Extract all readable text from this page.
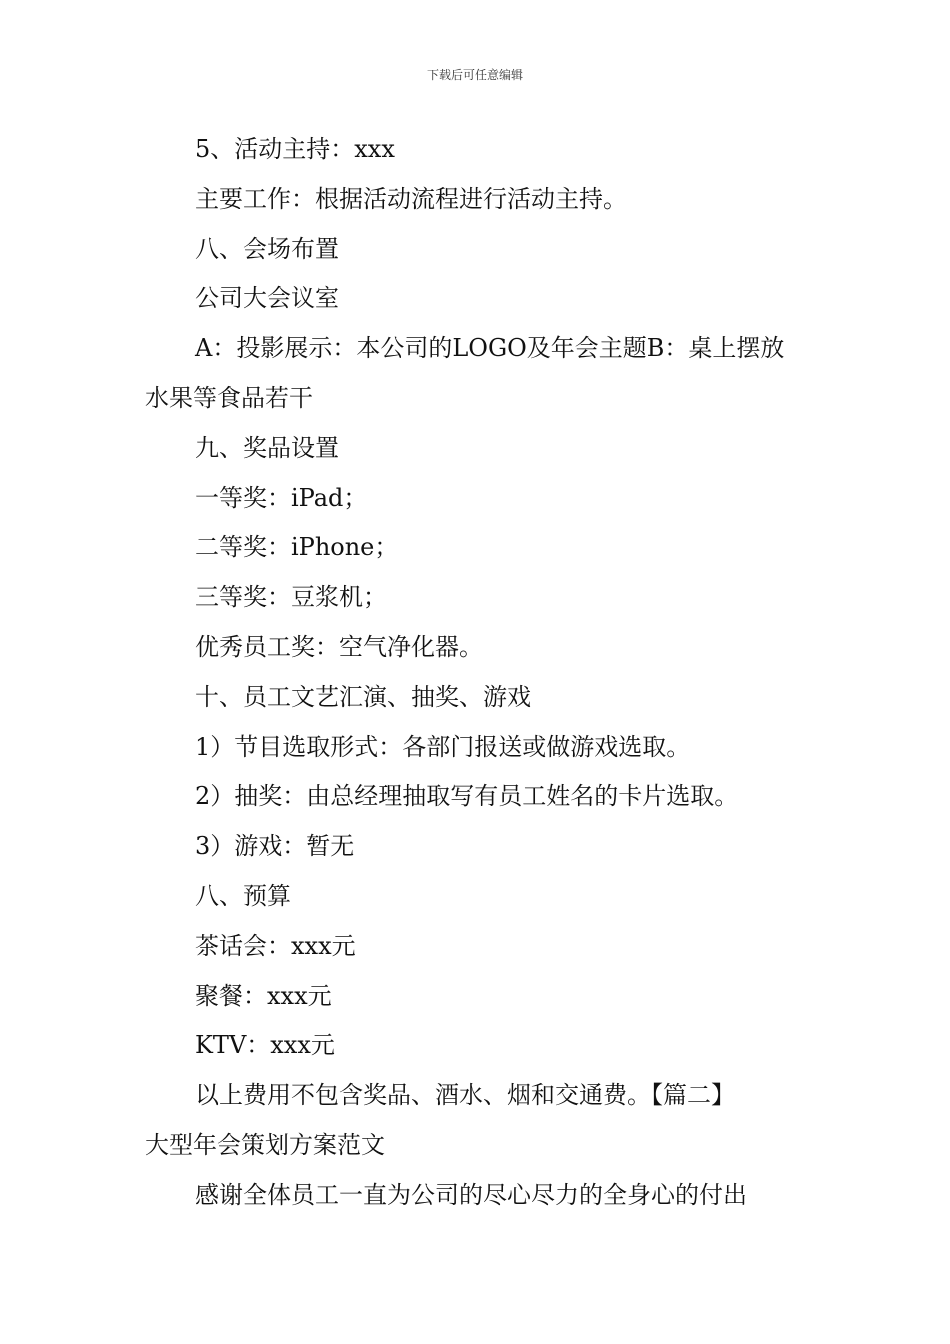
下载后可任意编辑

5、活动主持：xxx

主要工作：根据活动流程进行活动主持。

八、会场布置

公司大会议室

A：投影展示：本公司的LOGO及年会主题B：桌上摆放

水果等食品若干

九、奖品设置

一等奖：iPad；

二等奖：iPhone；

三等奖：豆浆机；

优秀员工奖：空气净化器。

十、员工文艺汇演、抽奖、游戏

1）节目选取形式：各部门报送或做游戏选取。

2）抽奖：由总经理抽取写有员工姓名的卡片选取。

3）游戏：暂无

八、预算

茶话会：xxx元

聚餐：xxx元

KTV：xxx元

以上费用不包含奖品、酒水、烟和交通费。【篇二】

大型年会策划方案范文

感谢全体员工一直为公司的尽心尽力的全身心的付出
